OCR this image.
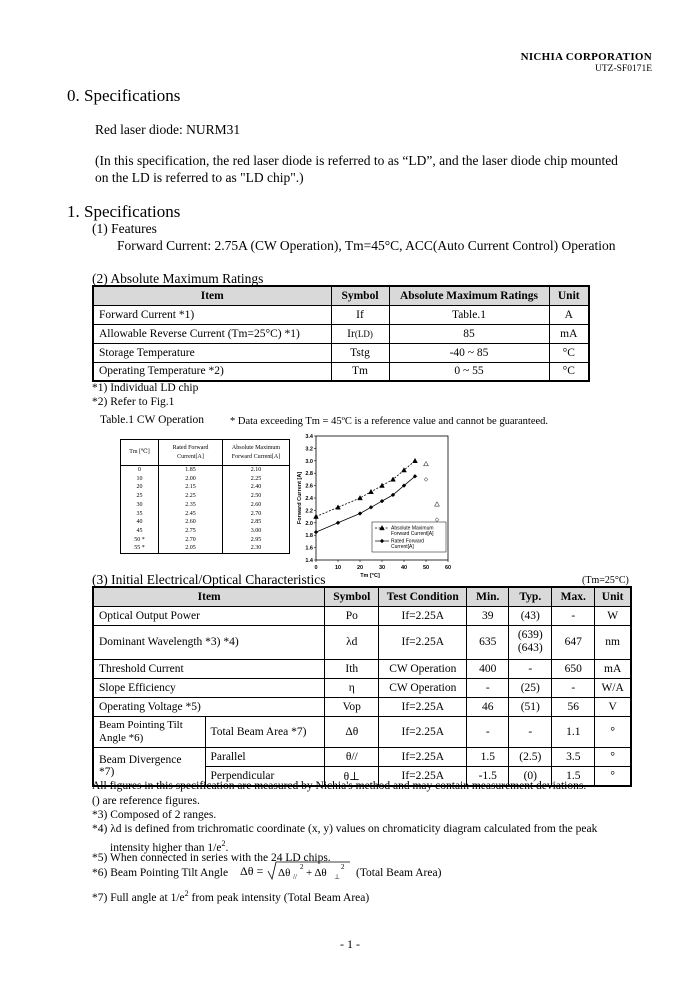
NICHIA CORPORATION
UTZ-SF0171E
0. Specifications
Red laser diode: NURM31
(In this specification, the red laser diode is referred to as “LD”, and the laser diode chip mounted
on the LD is referred to as "LD chip".)
1. Specifications
(1) Features
Forward Current: 2.75A (CW Operation), Tm=45°C, ACC(Auto Current Control) Operation
(2) Absolute Maximum Ratings
Item	Symbol	Absolute Maximum Ratings	Unit
Forward Current *1)	If	Table.1	A
Allowable Reverse Current (Tm=25°C) *1)	Ir(LD)	85	mA
Storage Temperature	Tstg	-40 ~ 85	°C
Operating Temperature *2)	Tm	0 ~ 55	°C
*1) Individual LD chip
*2) Refer to Fig.1
Table.1 CW Operation * Data exceeding Tm = 45ºC is a reference value and cannot be guaranteed.
Tm [℃]	Rated Forward Current[A]	Absolute Maximum Forward Current[A]
0	1.85	2.10
10	2.00	2.25
20	2.15	2.40
25	2.25	2.50
30	2.35	2.60
35	2.45	2.70
40	2.60	2.85
45	2.75	3.00
50 *	2.70	2.95
55 *	2.05	2.30
0	10	20	30	40	50	60
1.4
1.6
1.8
2.0
2.2
2.4
2.6
2.8
3.0
3.2
3.4
Tm [°C]
Forward Current [A]
Absolute Maximum
Forward Current[A]
Rated Forward
Current[A]
(3) Initial Electrical/Optical Characteristics	(Tm=25°C)
Item		Symbol	Test Condition	Min.	Typ.	Max.	Unit
Optical Output Power		Po	If=2.25A	39	(43)	-	W
Dominant Wavelength *3) *4)		λd	If=2.25A	635	(639)
(643)	647	nm
Threshold Current		Ith	CW Operation	400	-	650	mA
Slope Efficiency		η	CW Operation	-	(25)	-	W/A
Operating Voltage *5)		Vop	If=2.25A	46	(51)	56	V

Beam Pointing Tilt
Angle *6)	Total Beam Area *7)	Δθ	If=2.25A	-	-	1.1	°
Beam Divergence *7)	Parallel	θ//	If=2.25A	1.5	(2.5)	3.5	°
	Perpendicular	θ⊥	If=2.25A	-1.5	(0)	1.5	°
All figures in this specification are measured by Nichia's method and may contain measurement deviations.
() are reference figures.
*3) Composed of 2 ranges.
*4) λd is defined from trichromatic coordinate (x, y) values on chromaticity diagram calculated from the peak
intensity higher than $1/e^2$.
*5) When connected in series with the 24 LD chips.
*6) Beam Pointing Tilt Angle Δθ = Δθ //
2 + Δθ ⊥
2 (Total Beam Area)
*7) Full angle at $1/e^2$ from peak intensity (Total Beam Area)
- 1 -
